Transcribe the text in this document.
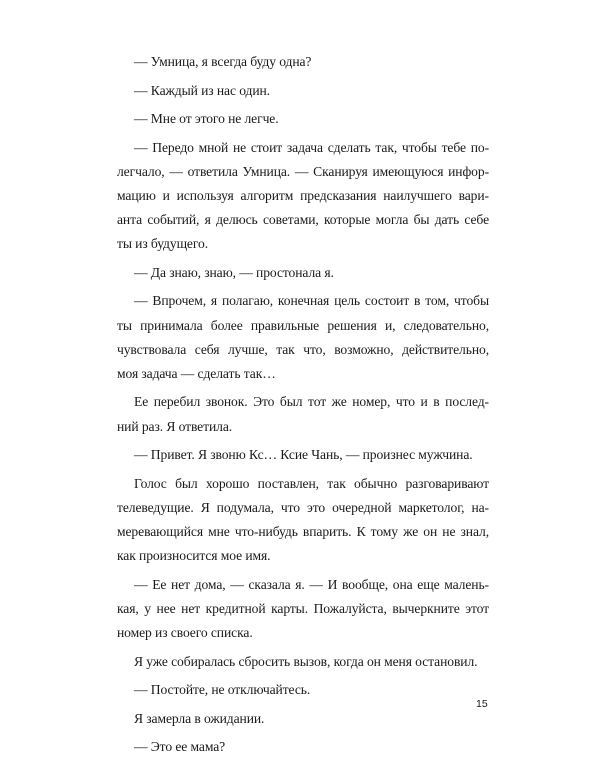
— Умница, я всегда буду одна?

— Каждый из нас один.

— Мне от этого не легче.

— Передо мной не стоит задача сделать так, чтобы тебе по-
легчало, — ответила Умница. — Сканируя имеющуюся инфор-
мацию и используя алгоритм предсказания наилучшего вари-
анта событий, я делюсь советами, которые могла бы дать себе
ты из будущего.

— Да знаю, знаю, — простонала я.

— Впрочем, я полагаю, конечная цель состоит в том, чтобы
ты принимала более правильные решения и, следовательно,
чувствовала себя лучше, так что, возможно, действительно,
моя задача — сделать так…

Ее перебил звонок. Это был тот же номер, что и в послед-
ний раз. Я ответила.

— Привет. Я звоню Кс… Ксие Чань, — произнес мужчина.

Голос был хорошо поставлен, так обычно разговаривают
телеведущие. Я подумала, что это очередной маркетолог, на-
меревающийся мне что-нибудь впарить. К тому же он не знал,
как произносится мое имя.

— Ее нет дома, — сказала я. — И вообще, она еще малень-
кая, у нее нет кредитной карты. Пожалуйста, вычеркните этот
номер из своего списка.

Я уже собиралась сбросить вызов, когда он меня остановил.

— Постойте, не отключайтесь.

Я замерла в ожидании.

— Это ее мама?

15
